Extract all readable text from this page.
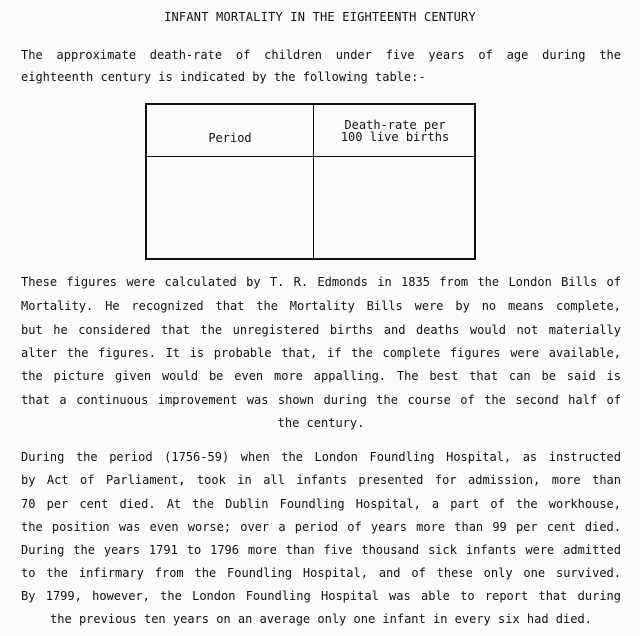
INFANT MORTALITY IN THE EIGHTEENTH CENTURY
The approximate death-rate of children under five years of age during the
eighteenth century is indicated by the following table:-
Period
Death-rate per
100 live births
These figures were calculated by T. R. Edmonds in 1835 from the London Bills of
Mortality. He recognized that the Mortality Bills were by no means complete,
but he considered that the unregistered births and deaths would not materially
alter the figures. It is probable that, if the complete figures were available,
the picture given would be even more appalling. The best that can be said is
that a continuous improvement was shown during the course of the second half of
the century.
During the period (1756-59) when the London Foundling Hospital, as instructed
by Act of Parliament, took in all infants presented for admission, more than
70 per cent died. At the Dublin Foundling Hospital, a part of the workhouse,
the position was even worse; over a period of years more than 99 per cent died.
During the years 1791 to 1796 more than five thousand sick infants were admitted
to the infirmary from the Foundling Hospital, and of these only one survived.
By 1799, however, the London Foundling Hospital was able to report that during
the previous ten years on an average only one infant in every six had died.
